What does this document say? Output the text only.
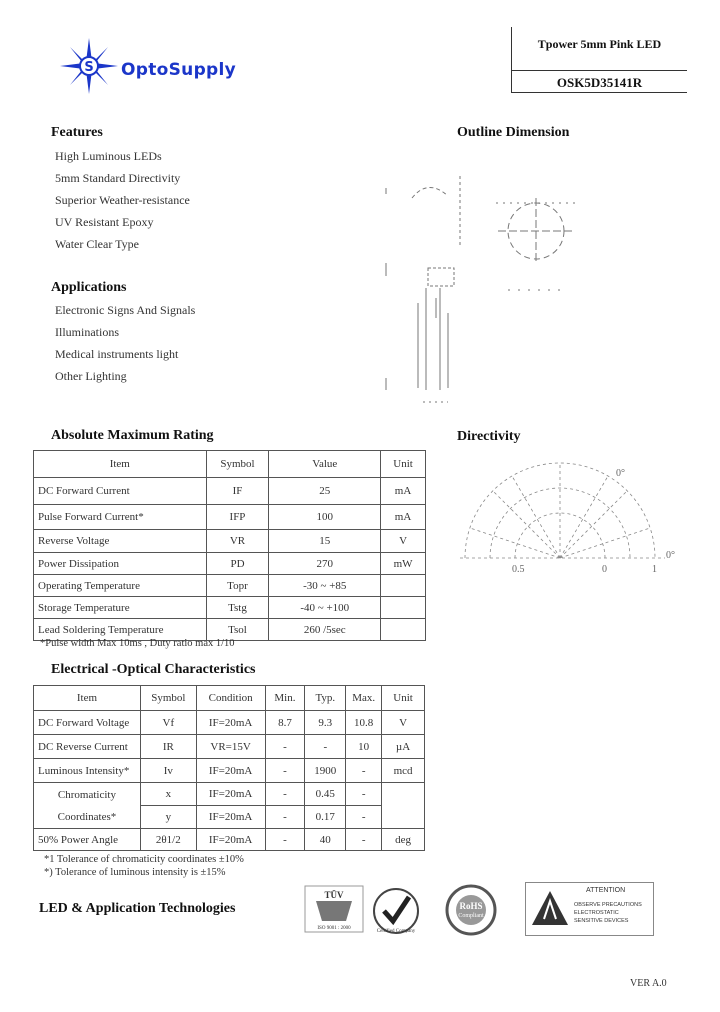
S OptoSupply
Tpower 5mm Pink LED
OSK5D35141R
Features
High Luminous LEDs
5mm Standard Directivity
Superior Weather-resistance
UV Resistant Epoxy
Water Clear Type
Applications
Electronic Signs And Signals
Illuminations
Medical instruments light
Other Lighting
Outline Dimension
Directivity
0°
0°
0.5	0	1
Absolute Maximum Rating
Item	Symbol	Value	Unit
DC Forward Current	IF	25	mA
Pulse Forward Current*	IFP	100	mA
Reverse Voltage	VR	15	V
Power Dissipation	PD	270	mW
Operating Temperature	Topr	-30 ~ +85	
Storage Temperature	Tstg	-40 ~ +100	
Lead Soldering Temperature	Tsol	260 /5sec	
*Pulse width Max 10ms , Duty ratio max 1/10
Electrical -Optical Characteristics
Item	Symbol	Condition	Min.	Typ.	Max.	Unit
DC Forward Voltage	Vf	IF=20mA	8.7	9.3	10.8	V
DC Reverse Current	IR	VR=15V	-	-	10	µA
Luminous Intensity*	Iv	IF=20mA	-	1900	-	mcd
Chromaticity Coordinates*	x	IF=20mA	-	0.45	-	
	y	IF=20mA	-	0.17	-	
50% Power Angle	2θ1/2	IF=20mA	-	40	-	deg
*1 Tolerance of chromaticity coordinates ±10%
*) Tolerance of luminous intensity is ±15%
LED & Application Technologies
TÜV
ISO 9001 : 2000
Certified Company
RoHS
Compliant
ATTENTION
OBSERVE PRECAUTIONS
ELECTROSTATIC
SENSITIVE DEVICES
VER A.0
